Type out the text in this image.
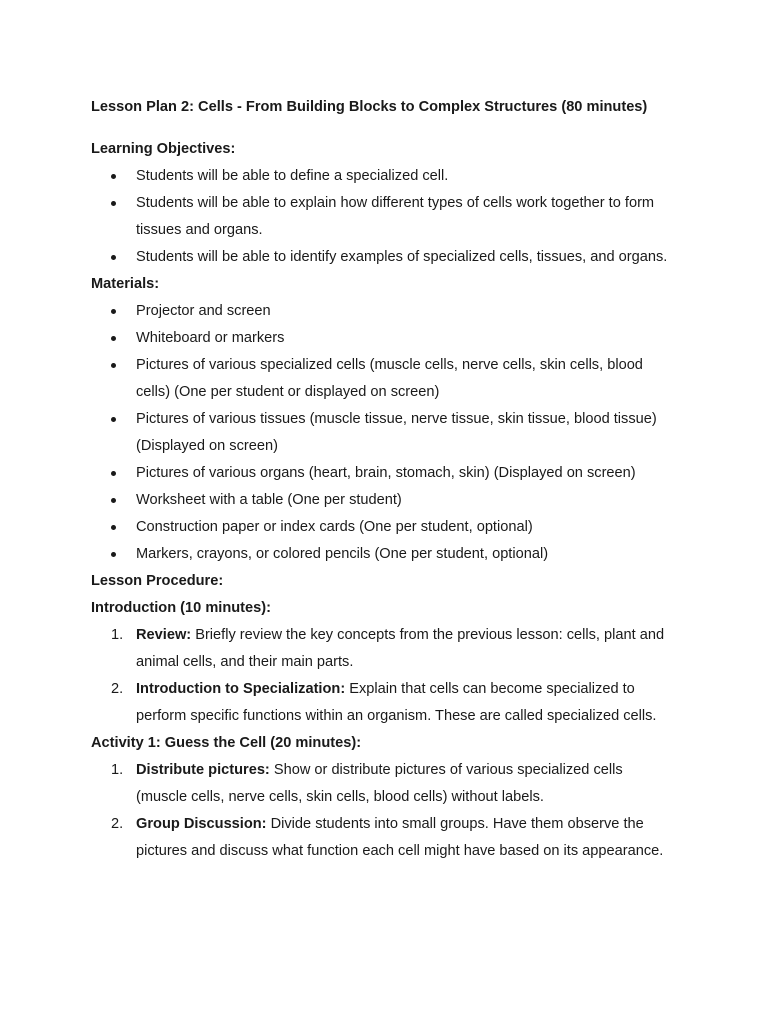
Lesson Plan 2: Cells - From Building Blocks to Complex Structures (80 minutes)
Learning Objectives:
Students will be able to define a specialized cell.
Students will be able to explain how different types of cells work together to form tissues and organs.
Students will be able to identify examples of specialized cells, tissues, and organs.
Materials:
Projector and screen
Whiteboard or markers
Pictures of various specialized cells (muscle cells, nerve cells, skin cells, blood cells) (One per student or displayed on screen)
Pictures of various tissues (muscle tissue, nerve tissue, skin tissue, blood tissue) (Displayed on screen)
Pictures of various organs (heart, brain, stomach, skin) (Displayed on screen)
Worksheet with a table (One per student)
Construction paper or index cards (One per student, optional)
Markers, crayons, or colored pencils (One per student, optional)
Lesson Procedure:
Introduction (10 minutes):
1. Review: Briefly review the key concepts from the previous lesson: cells, plant and animal cells, and their main parts.
2. Introduction to Specialization: Explain that cells can become specialized to perform specific functions within an organism. These are called specialized cells.
Activity 1: Guess the Cell (20 minutes):
1. Distribute pictures: Show or distribute pictures of various specialized cells (muscle cells, nerve cells, skin cells, blood cells) without labels.
2. Group Discussion: Divide students into small groups. Have them observe the pictures and discuss what function each cell might have based on its appearance.
